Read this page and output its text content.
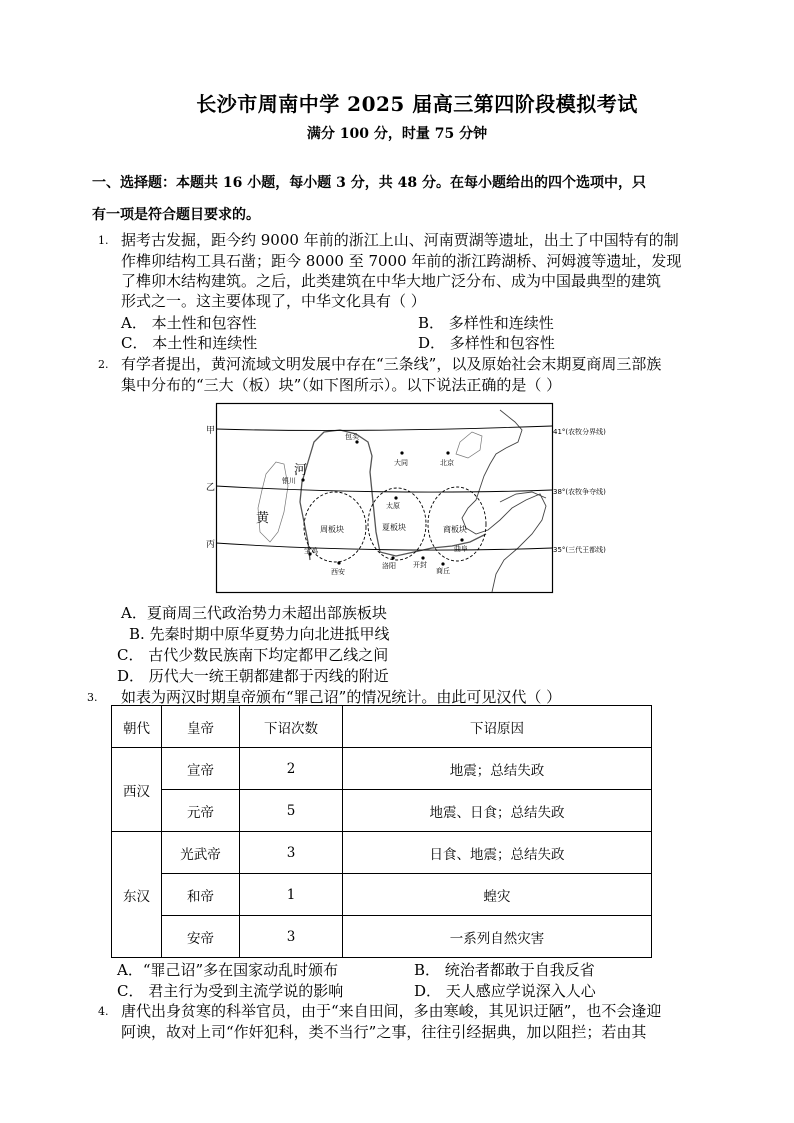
长沙市周南中学 2025 届高三第四阶段模拟考试
满分 100 分，时量 75 分钟
一、选择题：本题共 16 小题，每小题 3 分，共 48 分。在每小题给出的四个选项中，只
有一项是符合题目要求的。
1. 据考古发掘，距今约 9000 年前的浙江上山、河南贾湖等遗址，出土了中国特有的制
作榫卯结构工具石凿；距今 8000 至 7000 年前的浙江跨湖桥、河姆渡等遗址，发现
了榫卯木结构建筑。之后，此类建筑在中华大地广泛分布、成为中国最典型的建筑
形式之一。这主要体现了，中华文化具有（ ）
A． 本土性和包容性	B． 多样性和连续性
C． 本土性和连续性	D． 多样性和包容性
2. 有学者提出，黄河流域文明发展中存在“三条线”，以及原始社会末期夏商周三部族
集中分布的“三大（板）块”（如下图所示）。以下说法正确的是（ ）
甲
乙
丙
41°(农牧分界线)
38°(农牧争夺线)
35°(三代王都线)
河
黄
周板块	夏板块	商板块
包头
大同	北京
银川
太原
宝鸡
西安
洛阳 开封
商丘
曲阜
A．夏商周三代政治势力未超出部族板块
B. 先秦时期中原华夏势力向北进抵甲线
C． 古代少数民族南下均定都甲乙线之间
D． 历代大一统王朝都建都于丙线的附近
3. 如表为两汉时期皇帝颁布“罪己诏”的情况统计。由此可见汉代（ ）
朝代	皇帝	下诏次数	下诏原因
西汉	宣帝	2	地震；总结失政
	元帝	5	地震、日食；总结失政
东汉	光武帝	3	日食、地震；总结失政
	和帝	1	蝗灾
	安帝	3	一系列自然灾害
A．“罪己诏”多在国家动乱时颁布	B． 统治者都敢于自我反省
C． 君主行为受到主流学说的影响	D． 天人感应学说深入人心
4. 唐代出身贫寒的科举官员，由于“来自田间，多由寒峻，其见识迂陋”，也不会逢迎
阿谀，故对上司“作奸犯科，类不当行”之事，往往引经据典，加以阻拦；若由其
